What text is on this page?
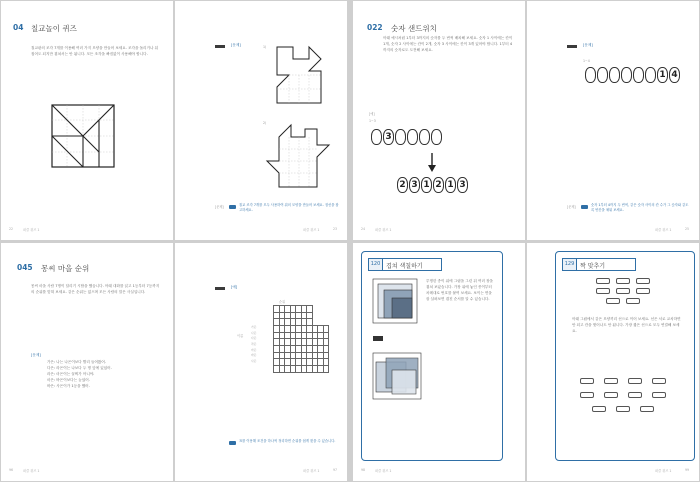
04 칠교놀이 퀴즈

칠교판의 조각 7개를 이용해 여러 가지 모양을 만들어 보세요. 조각을 돌리거나 뒤집어도 되지만 겹쳐서는 안 됩니다. 모든 조각을 빠짐없이 사용해야 합니다.

22	퍼즐 퀴즈 1

[문제]	1)

2)

칠교 조각 7개를 모두 사용하여 위의 모양을 만들어 보세요. 점선을 참고하세요.

[문제]

퍼즐 퀴즈 1	23

022 숫자 샌드위치

아래 예시처럼 1부터 3까지의 숫자를 두 번씩 배치해 보세요. 숫자 1 사이에는 칸이 1개, 숫자 2 사이에는 칸이 2개, 숫자 3 사이에는 칸이 3개 있어야 합니다. 1부터 4까지의 숫자로도 도전해 보세요.

[예]

1~3

3
2 3 1 2 1 3

24	퍼즐 퀴즈 1

[문제]

1~4

1 4

숫자 1부터 4까지 두 번씩, 같은 숫자 사이의 칸 수가 그 숫자와 같도록 빈칸을 채워 보세요.

[문제]

퍼즐 퀴즈 1	25

045 몽씨 마을 순위

몽씨 마을 사람 7명이 달리기 시합을 했습니다. 아래 대화를 읽고 1등부터 7등까지의 순위를 맞혀 보세요. 같은 순위는 없으며 모든 사람의 말은 사실입니다.

[문제]

가은: 나는 나은이보다 빨리 들어왔어.

다은: 라은이는 나보다 두 명 앞에 있었어.

라은: 마은이는 꼴찌가 아니야.

마은: 바은이보다는 늦었어.

바은: 사은이가 1등을 했어.

96	퍼즐 퀴즈 1

[예]

순위

이름

가은

나은

다은

라은

마은

바은

사은

표를 이용해 조건을 하나씩 정리하면 순위를 쉽게 찾을 수 있습니다.

퍼즐 퀴즈 1	97

120 겹쳐 색칠하기

투명한 종이 위에 그림을 그린 뒤 여러 장을 겹쳐 보았습니다. 가장 위에 놓인 종이부터 차례대로 번호를 붙여 보세요. 보이는 면을 잘 살펴보면 겹친 순서를 알 수 있습니다.

98	퍼즐 퀴즈 1

129 짝 맞추기

아래 그림에서 같은 모양끼리 선으로 이어 보세요. 선은 서로 교차하면 안 되고 칸을 벗어나도 안 됩니다. 가장 짧은 선으로 모두 연결해 보세요.

퍼즐 퀴즈 1	99
